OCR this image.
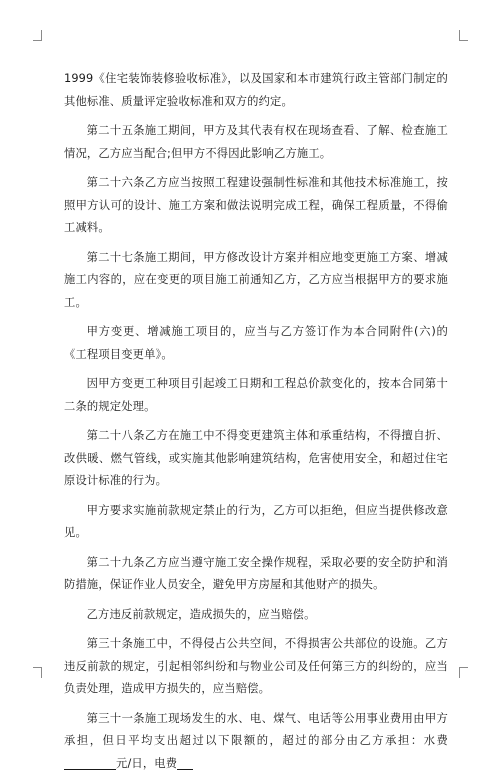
1999《住宅装饰装修验收标准》，以及国家和本市建筑行政主管部门制定的其他标准、质量评定验收标准和双方的约定。

第二十五条施工期间，甲方及其代表有权在现场查看、了解、检查施工情况，乙方应当配合;但甲方不得因此影响乙方施工。

第二十六条乙方应当按照工程建设强制性标准和其他技术标准施工，按照甲方认可的设计、施工方案和做法说明完成工程，确保工程质量，不得偷工减料。

第二十七条施工期间，甲方修改设计方案并相应地变更施工方案、增减施工内容的，应在变更的项目施工前通知乙方，乙方应当根据甲方的要求施工。

甲方变更、增减施工项目的，应当与乙方签订作为本合同附件(六)的《工程项目变更单》。

因甲方变更工种项目引起竣工日期和工程总价款变化的，按本合同第十二条的规定处理。

第二十八条乙方在施工中不得变更建筑主体和承重结构，不得擅自折、改供暖、燃气管线，或实施其他影响建筑结构，危害使用安全，和超过住宅原设计标准的行为。

甲方要求实施前款规定禁止的行为，乙方可以拒绝，但应当提供修改意见。

第二十九条乙方应当遵守施工安全操作规程，采取必要的安全防护和消防措施，保证作业人员安全，避免甲方房屋和其他财产的损失。

乙方违反前款规定，造成损失的，应当赔偿。

第三十条施工中，不得侵占公共空间，不得损害公共部位的设施。乙方违反前款的规定，引起相邻纠纷和与物业公司及任何第三方的纠纷的，应当负责处理，造成甲方损失的，应当赔偿。

第三十一条施工现场发生的水、电、煤气、电话等公用事业费用由甲方承担，但日平均支出超过以下限额的，超过的部分由乙方承担：水费元/日，电费
